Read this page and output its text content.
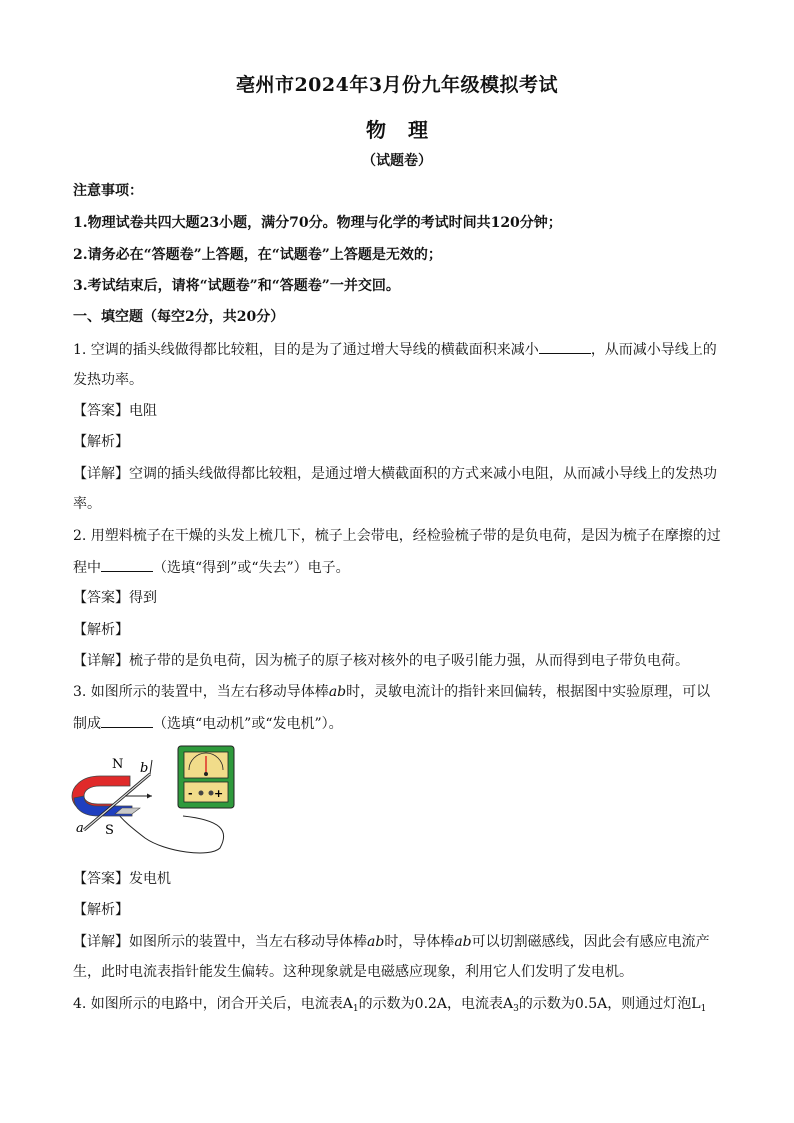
亳州市2024年3月份九年级模拟考试
物 理
（试题卷）
注意事项：
1.物理试卷共四大题23小题，满分70分。物理与化学的考试时间共120分钟；
2.请务必在“答题卷”上答题，在“试题卷”上答题是无效的；
3.考试结束后，请将“试题卷”和“答题卷”一并交回。
一、填空题（每空2分，共20分）
1. 空调的插头线做得都比较粗，目的是为了通过增大导线的横截面积来减小	，从而减小导线上的
发热功率。
【答案】电阻
【解析】
【详解】空调的插头线做得都比较粗，是通过增大横截面积的方式来减小电阻，从而减小导线上的发热功
率。
2. 用塑料梳子在干燥的头发上梳几下，梳子上会带电，经检验梳子带的是负电荷，是因为梳子在摩擦的过
程中	（选填“得到”或“失去”）电子。
【答案】得到
【解析】
【详解】梳子带的是负电荷，因为梳子的原子核对核外的电子吸引能力强，从而得到电子带负电荷。
3. 如图所示的装置中，当左右移动导体棒ab时，灵敏电流计的指针来回偏转，根据图中实验原理，可以
制成	（选填“电动机”或“发电机”）。
N
S
a
b
- +
【答案】发电机
【解析】
【详解】如图所示的装置中，当左右移动导体棒ab时，导体棒ab可以切割磁感线，因此会有感应电流产
生，此时电流表指针能发生偏转。这种现象就是电磁感应现象，利用它人们发明了发电机。
4. 如图所示的电路中，闭合开关后，电流表$A_1$的示数为0.2A，电流表$A_3$的示数为0.5A，则通过灯泡$L_1$
